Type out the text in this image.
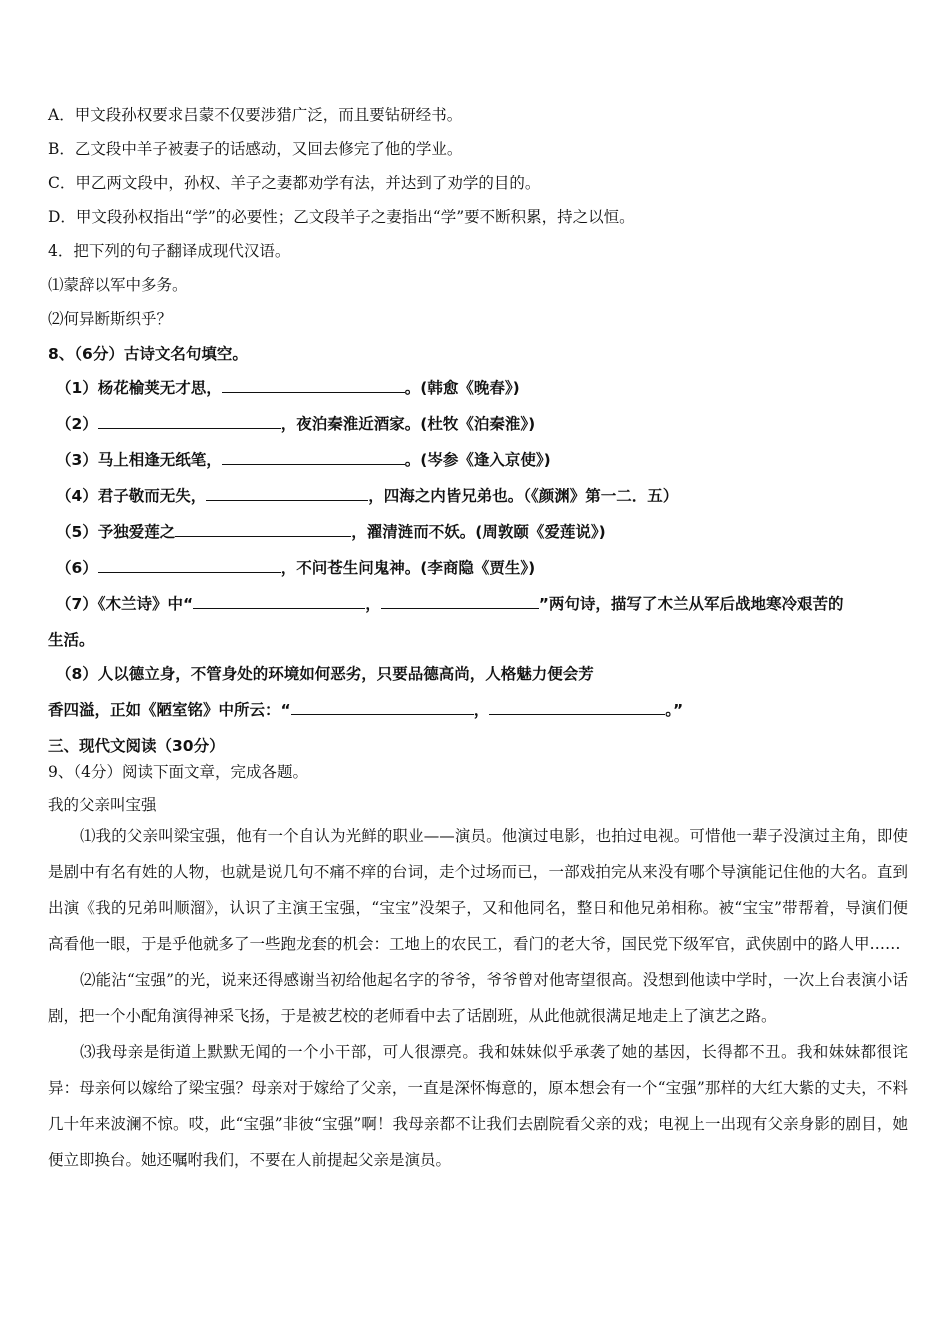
A．甲文段孙权要求吕蒙不仅要涉猎广泛，而且要钻研经书。
B．乙文段中羊子被妻子的话感动，又回去修完了他的学业。
C．甲乙两文段中，孙权、羊子之妻都劝学有法，并达到了劝学的目的。
D．甲文段孙权指出“学”的必要性；乙文段羊子之妻指出“学”要不断积累，持之以恒。
4．把下列的句子翻译成现代汉语。
⑴蒙辞以军中多务。
⑵何异断斯织乎？
8、（6分）古诗文名句填空。
（1）杨花榆荚无才思，	。(韩愈《晚春》)
（2）	，夜泊秦淮近酒家。(杜牧《泊秦淮》)
（3）马上相逢无纸笔，	。(岑参《逢入京使》)
（4）君子敬而无失，	，四海之内皆兄弟也。（《颜渊》第一二．五）
（5）予独爱莲之	，濯清涟而不妖。(周敦颐《爱莲说》)
（6）	，不问苍生问鬼神。(李商隐《贾生》)
（7）《木兰诗》中“	，	”两句诗，描写了木兰从军后战地寒冷艰苦的
生活。
（8）人以德立身，不管身处的环境如何恶劣，只要品德高尚，人格魅力便会芳
香四溢，正如《陋室铭》中所云：“	，	。”
三、现代文阅读（30分）
9、（4分）阅读下面文章，完成各题。
我的父亲叫宝强

⑴我的父亲叫梁宝强，他有一个自认为光鲜的职业——演员。他演过电影，也拍过电视。可惜他一辈子没演过主角，即使是剧中有名有姓的人物，也就是说几句不痛不痒的台词，走个过场而已，一部戏拍完从来没有哪个导演能记住他的大名。直到出演《我的兄弟叫顺溜》，认识了主演王宝强，“宝宝”没架子，又和他同名，整日和他兄弟相称。被“宝宝”带帮着，导演们便高看他一眼，于是乎他就多了一些跑龙套的机会：工地上的农民工，看门的老大爷，国民党下级军官，武侠剧中的路人甲……

⑵能沾“宝强”的光，说来还得感谢当初给他起名字的爷爷，爷爷曾对他寄望很高。没想到他读中学时，一次上台表演小话剧，把一个小配角演得神采飞扬，于是被艺校的老师看中去了话剧班，从此他就很满足地走上了演艺之路。

⑶我母亲是街道上默默无闻的一个小干部，可人很漂亮。我和妹妹似乎承袭了她的基因，长得都不丑。我和妹妹都很诧异：母亲何以嫁给了梁宝强？母亲对于嫁给了父亲，一直是深怀悔意的，原本想会有一个“宝强”那样的大红大紫的丈夫，不料几十年来波澜不惊。哎，此“宝强”非彼“宝强”啊！我母亲都不让我们去剧院看父亲的戏；电视上一出现有父亲身影的剧目，她便立即换台。她还嘱咐我们，不要在人前提起父亲是演员。
